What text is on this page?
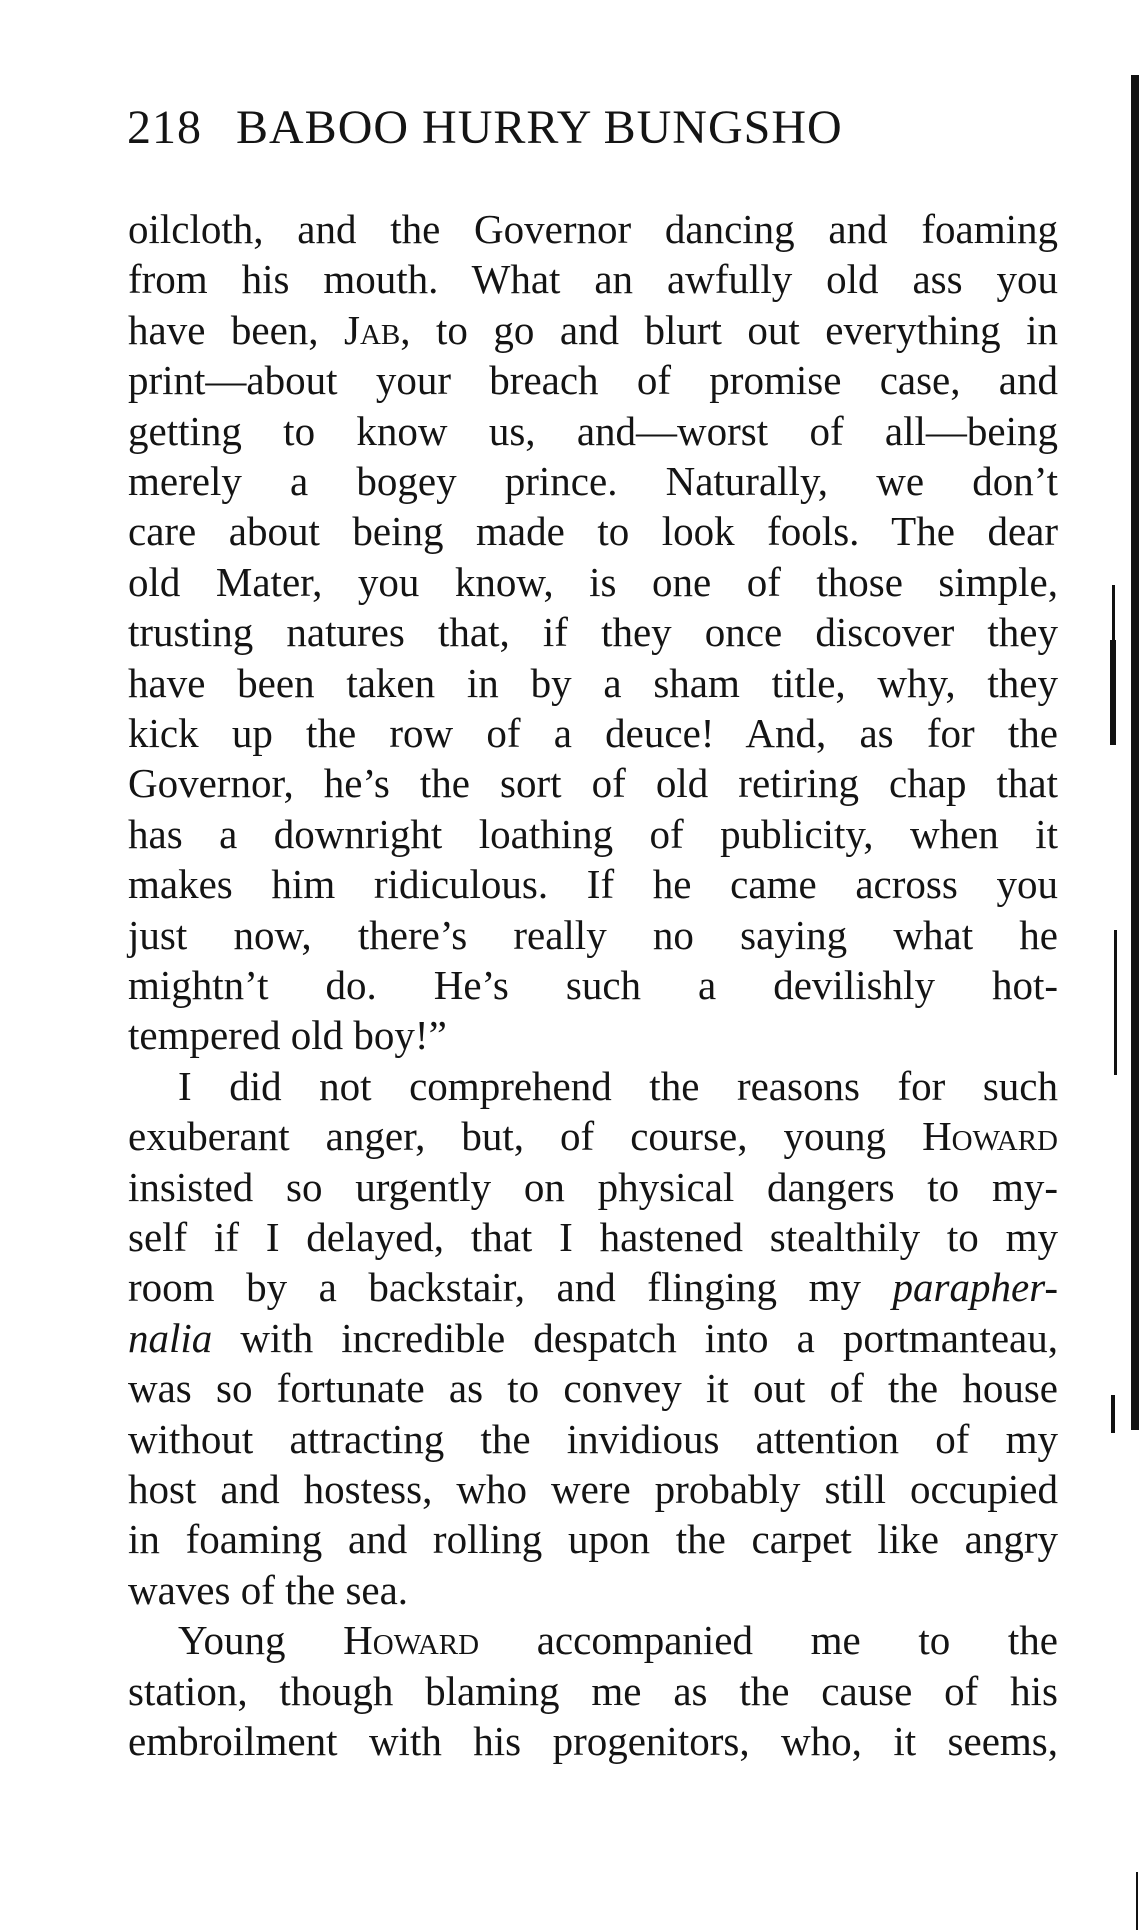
218 BABOO HURRY BUNGSHO
oilcloth, and the Governor dancing and foaming
from his mouth. What an awfully old ass you
have been, Jab, to go and blurt out everything in
print—about your breach of promise case, and
getting to know us, and—worst of all—being
merely a bogey prince. Naturally, we don’t
care about being made to look fools. The dear
old Mater, you know, is one of those simple,
trusting natures that, if they once discover they
have been taken in by a sham title, why, they
kick up the row of a deuce! And, as for the
Governor, he’s the sort of old retiring chap that
has a downright loathing of publicity, when it
makes him ridiculous. If he came across you
just now, there’s really no saying what he
mightn’t do. He’s such a devilishly hot-
tempered old boy!”
I did not comprehend the reasons for such
exuberant anger, but, of course, young Howard
insisted so urgently on physical dangers to my-
self if I delayed, that I hastened stealthily to my
room by a backstair, and flinging my parapher-
nalia with incredible despatch into a portmanteau,
was so fortunate as to convey it out of the house
without attracting the invidious attention of my
host and hostess, who were probably still occupied
in foaming and rolling upon the carpet like angry
waves of the sea.
Young Howard accompanied me to the
station, though blaming me as the cause of his
embroilment with his progenitors, who, it seems,
